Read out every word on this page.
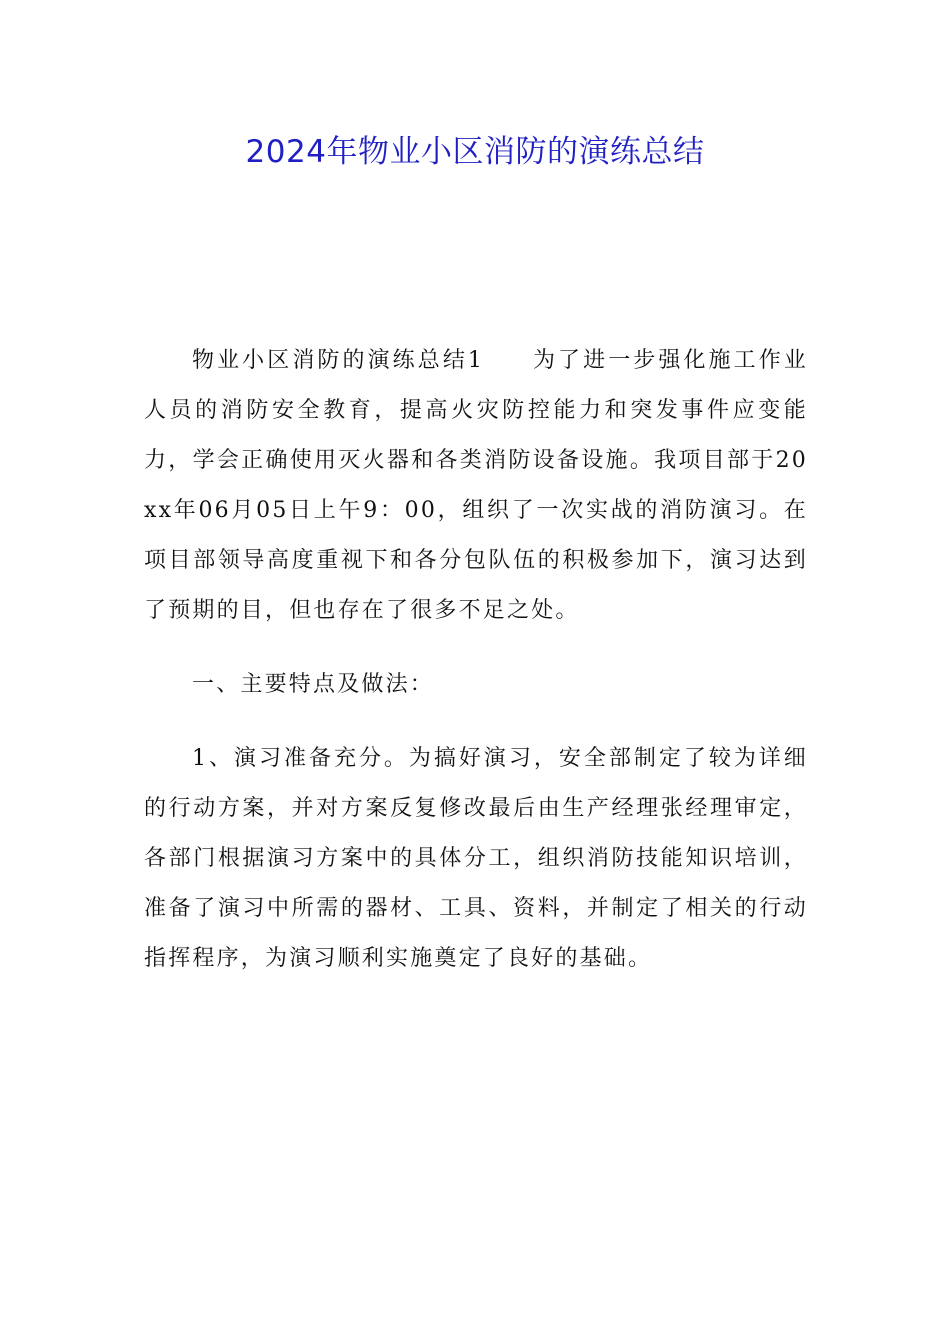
2024年物业小区消防的演练总结

物业小区消防的演练总结1 为了进一步强化施工作业人员的消防安全教育，提高火灾防控能力和突发事件应变能力，学会正确使用灭火器和各类消防设备设施。我项目部于20xx年06月05日上午9：00，组织了一次实战的消防演习。在项目部领导高度重视下和各分包队伍的积极参加下，演习达到了预期的目，但也存在了很多不足之处。

一、主要特点及做法：

1、演习准备充分。为搞好演习，安全部制定了较为详细的行动方案，并对方案反复修改最后由生产经理张经理审定，各部门根据演习方案中的具体分工，组织消防技能知识培训，准备了演习中所需的器材、工具、资料，并制定了相关的行动指挥程序，为演习顺利实施奠定了良好的基础。
